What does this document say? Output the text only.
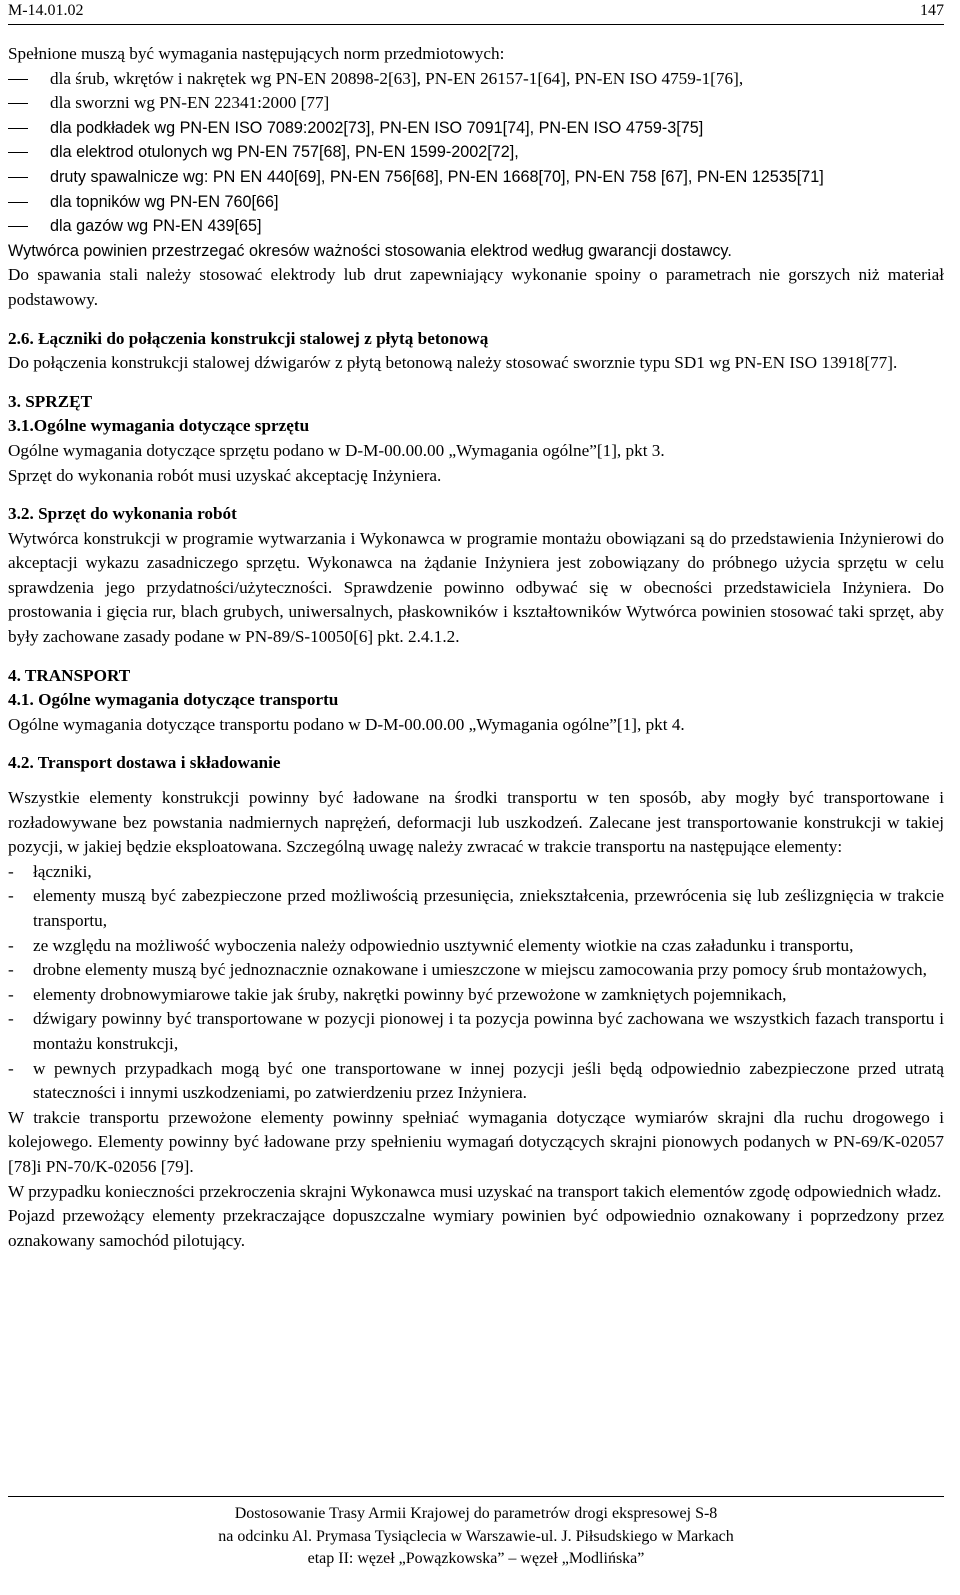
M-14.01.02	147

Spełnione muszą być wymagania następujących norm przedmiotowych:

dla śrub, wkrętów i nakrętek wg PN-EN 20898-2[63], PN-EN 26157-1[64], PN-EN ISO 4759-1[76],
dla sworzni wg PN-EN 22341:2000 [77]
dla podkładek wg PN-EN ISO 7089:2002[73], PN-EN ISO 7091[74], PN-EN ISO 4759-3[75]
dla elektrod otulonych wg PN-EN 757[68], PN-EN 1599-2002[72],
druty spawalnicze wg: PN EN 440[69], PN-EN 756[68], PN-EN 1668[70], PN-EN 758 [67], PN-EN 12535[71]
dla topników wg PN-EN 760[66]
dla gazów wg PN-EN 439[65]

Wytwórca powinien przestrzegać okresów ważności stosowania elektrod według gwarancji dostawcy.

Do spawania stali należy stosować elektrody lub drut zapewniający wykonanie spoiny o parametrach nie gorszych niż materiał podstawowy.

2.6. Łączniki do połączenia konstrukcji stalowej z płytą betonową

Do połączenia konstrukcji stalowej dźwigarów z płytą betonową należy stosować sworznie typu SD1 wg PN-EN ISO 13918[77].

3. SPRZĘT
3.1.Ogólne wymagania dotyczące sprzętu

Ogólne wymagania dotyczące sprzętu podano w D-M-00.00.00 „Wymagania ogólne”[1], pkt 3.

Sprzęt do wykonania robót musi uzyskać akceptację Inżyniera.

3.2. Sprzęt do wykonania robót

Wytwórca konstrukcji w programie wytwarzania i Wykonawca w programie montażu obowiązani są do przedstawienia Inżynierowi do akceptacji wykazu zasadniczego sprzętu. Wykonawca na żądanie Inżyniera jest zobowiązany do próbnego użycia sprzętu w celu sprawdzenia jego przydatności/użyteczności. Sprawdzenie powinno odbywać się w obecności przedstawiciela Inżyniera. Do prostowania i gięcia rur, blach grubych, uniwersalnych, płaskowników i kształtowników Wytwórca powinien stosować taki sprzęt, aby były zachowane zasady podane w PN-89/S-10050[6] pkt. 2.4.1.2.

4. TRANSPORT
4.1. Ogólne wymagania dotyczące transportu

Ogólne wymagania dotyczące transportu podano w D-M-00.00.00 „Wymagania ogólne”[1], pkt 4.

4.2. Transport dostawa i składowanie

Wszystkie elementy konstrukcji powinny być ładowane na środki transportu w ten sposób, aby mogły być transportowane i rozładowywane bez powstania nadmiernych naprężeń, deformacji lub uszkodzeń. Zalecane jest transportowanie konstrukcji w takiej pozycji, w jakiej będzie eksploatowana. Szczególną uwagę należy zwracać w trakcie transportu na następujące elementy:

- łączniki,
- elementy muszą być zabezpieczone przed możliwością przesunięcia, zniekształcenia, przewrócenia się lub ześlizgnięcia w trakcie transportu,
- ze względu na możliwość wyboczenia należy odpowiednio usztywnić elementy wiotkie na czas załadunku i transportu,
- drobne elementy muszą być jednoznacznie oznakowane i umieszczone w miejscu zamocowania przy pomocy śrub montażowych,
- elementy drobnowymiarowe takie jak śruby, nakrętki powinny być przewożone w zamkniętych pojemnikach,
- dźwigary powinny być transportowane w pozycji pionowej i ta pozycja powinna być zachowana we wszystkich fazach transportu i montażu konstrukcji,
- w pewnych przypadkach mogą być one transportowane w innej pozycji jeśli będą odpowiednio zabezpieczone przed utratą stateczności i innymi uszkodzeniami, po zatwierdzeniu przez Inżyniera.

W trakcie transportu przewożone elementy powinny spełniać wymagania dotyczące wymiarów skrajni dla ruchu drogowego i kolejowego. Elementy powinny być ładowane przy spełnieniu wymagań dotyczących skrajni pionowych podanych w PN-69/K-02057 [78]i PN-70/K-02056 [79].

W przypadku konieczności przekroczenia skrajni Wykonawca musi uzyskać na transport takich elementów zgodę odpowiednich władz.

Pojazd przewożący elementy przekraczające dopuszczalne wymiary powinien być odpowiednio oznakowany i poprzedzony przez oznakowany samochód pilotujący.

Dostosowanie Trasy Armii Krajowej do parametrów drogi ekspresowej S-8
na odcinku Al. Prymasa Tysiąclecia w Warszawie-ul. J. Piłsudskiego w Markach
etap II: węzeł „Powązkowska” – węzeł „Modlińska”
